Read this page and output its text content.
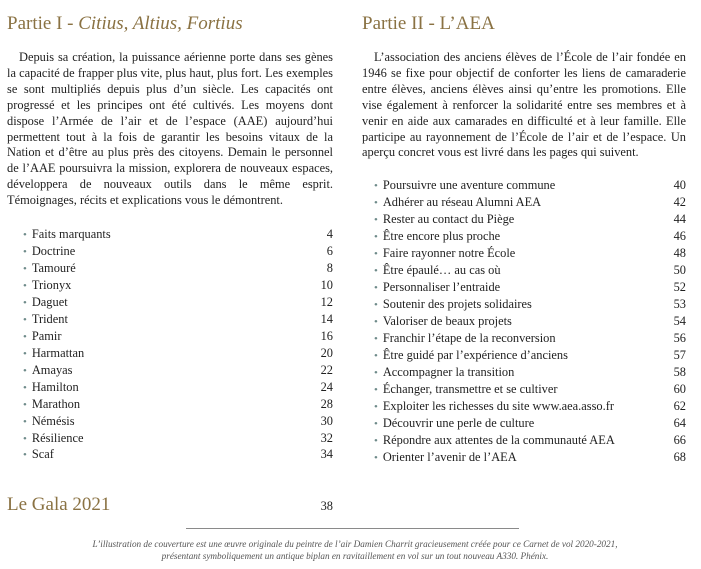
Partie I - Citius, Altius, Fortius

Depuis sa création, la puissance aérienne porte dans ses gènes la capacité de frapper plus vite, plus haut, plus fort. Les exemples se sont multipliés depuis plus d’un siècle. Les capacités ont progressé et les principes ont été cultivés. Les moyens dont dispose l’Armée de l’air et de l’espace (AAE) aujourd’hui permettent tout à la fois de garantir les besoins vitaux de la Nation et d’être au plus près des citoyens. Demain le personnel de l’AAE poursuivra la mission, explorera de nouveaux espaces, développera de nouveaux outils dans le même esprit. Témoignages, récits et explications vous le démontrent.

• Faits marquants	4
• Doctrine	6
• Tamouré	8
• Trionyx	10
• Daguet	12
• Trident	14
• Pamir	16
• Harmattan	20
• Amayas	22
• Hamilton	24
• Marathon	28
• Némésis	30
• Résilience	32
• Scaf	34
Partie II - L’AEA

L’association des anciens élèves de l’École de l’air fondée en 1946 se fixe pour objectif de conforter les liens de camaraderie entre élèves, anciens élèves ainsi qu’entre les promotions. Elle vise également à renforcer la solidarité entre ses membres et à venir en aide aux camarades en difficulté et à leur famille. Elle participe au rayonnement de l’École de l’air et de l’espace. Un aperçu concret vous est livré dans les pages qui suivent.

• Poursuivre une aventure commune	40
• Adhérer au réseau Alumni AEA	42
• Rester au contact du Piège	44
• Être encore plus proche	46
• Faire rayonner notre École	48
• Être épaulé… au cas où	50
• Personnaliser l’entraide	52
• Soutenir des projets solidaires	53
• Valoriser de beaux projets	54
• Franchir l’étape de la reconversion	56
• Être guidé par l’expérience d’anciens	57
• Accompagner la transition	58
• Échanger, transmettre et se cultiver	60
• Exploiter les richesses du site www.aea.asso.fr	62
• Découvrir une perle de culture	64
• Répondre aux attentes de la communauté AEA	66
• Orienter l’avenir de l’AEA	68
Le Gala 2021	38
L’illustration de couverture est une œuvre originale du peintre de l’air Damien Charrit gracieusement créée pour ce Carnet de vol 2020-2021, présentant symboliquement un antique biplan en ravitaillement en vol sur un tout nouveau A330. Phénix.
